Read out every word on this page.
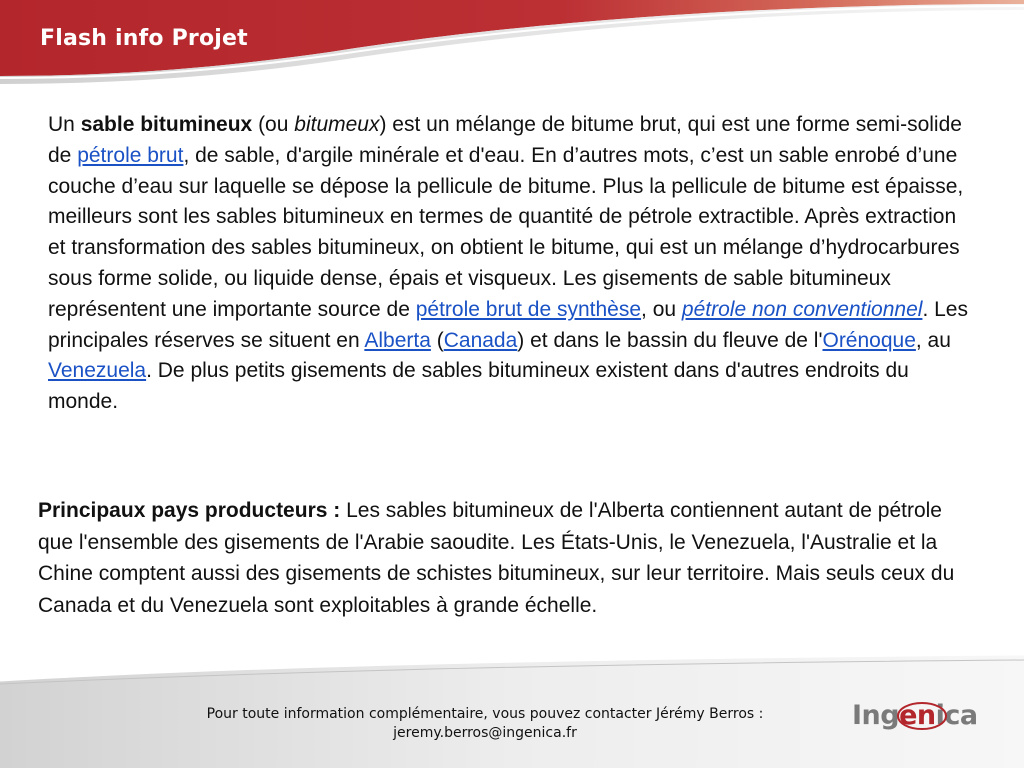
Flash info Projet

Un sable bitumineux (ou bitumeux) est un mélange de bitume brut, qui est une forme semi-solide de pétrole brut, de sable, d'argile minérale et d'eau. En d’autres mots, c’est un sable enrobé d’une couche d’eau sur laquelle se dépose la pellicule de bitume. Plus la pellicule de bitume est épaisse, meilleurs sont les sables bitumineux en termes de quantité de pétrole extractible. Après extraction et transformation des sables bitumineux, on obtient le bitume, qui est un mélange d’hydrocarbures sous forme solide, ou liquide dense, épais et visqueux. Les gisements de sable bitumineux représentent une importante source de pétrole brut de synthèse, ou pétrole non conventionnel. Les principales réserves se situent en Alberta (Canada) et dans le bassin du fleuve de l'Orénoque, au Venezuela. De plus petits gisements de sables bitumineux existent dans d'autres endroits du monde.

Principaux pays producteurs : Les sables bitumineux de l'Alberta contiennent autant de pétrole que l'ensemble des gisements de l'Arabie saoudite. Les États-Unis, le Venezuela, l'Australie et la Chine comptent aussi des gisements de schistes bitumineux, sur leur territoire. Mais seuls ceux du Canada et du Venezuela sont exploitables à grande échelle.

Pour toute information complémentaire, vous pouvez contacter Jérémy Berros :
jeremy.berros@ingenica.fr
Ingenica
